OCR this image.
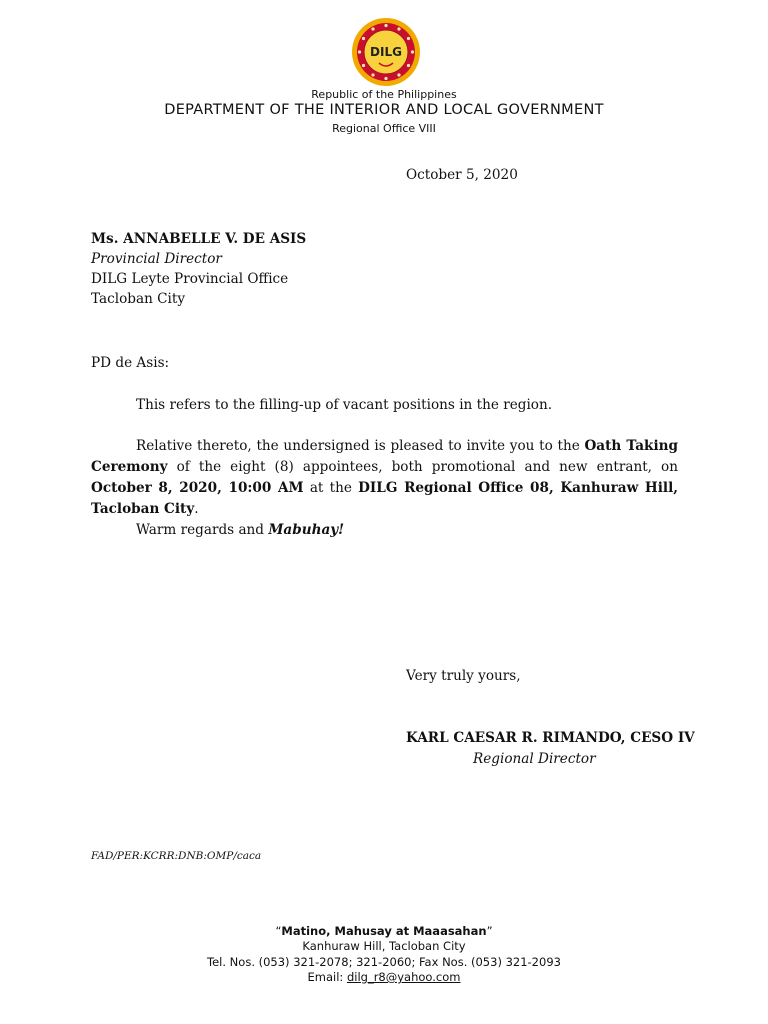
DILG
Republic of the Philippines
DEPARTMENT OF THE INTERIOR AND LOCAL GOVERNMENT
Regional Office VIII
October 5, 2020
Ms. ANNABELLE V. DE ASIS
Provincial Director
DILG Leyte Provincial Office
Tacloban City
PD de Asis:
This refers to the filling-up of vacant positions in the region.
Relative thereto, the undersigned is pleased to invite you to the Oath Taking Ceremony of the eight (8) appointees, both promotional and new entrant, on October 8, 2020, 10:00 AM at the DILG Regional Office 08, Kanhuraw Hill, Tacloban City.
Warm regards and Mabuhay!
Very truly yours,
KARL CAESAR R. RIMANDO, CESO IV
Regional Director
FAD/PER:KCRR:DNB:OMP/caca
“Matino, Mahusay at Maaasahan”
Kanhuraw Hill, Tacloban City
Tel. Nos. (053) 321-2078; 321-2060; Fax Nos. (053) 321-2093
Email: dilg_r8@yahoo.com
